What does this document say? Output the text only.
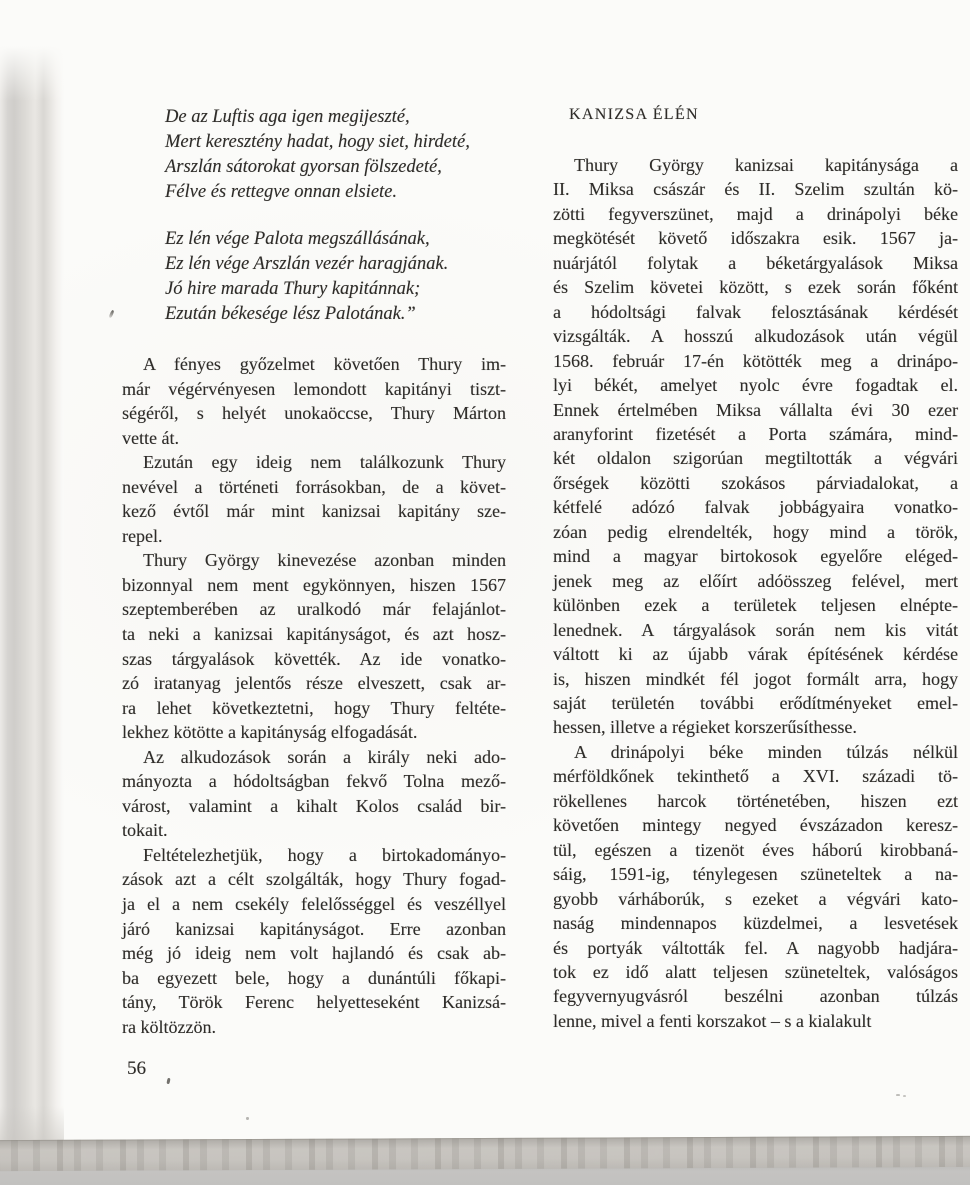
De az Luftis aga igen megijeszté,
Mert keresztény hadat, hogy siet, hirdeté,
Arszlán sátorokat gyorsan fölszedeté,
Félve és rettegve onnan elsiete.
Ez lén vége Palota megszállásának,
Ez lén vége Arszlán vezér haragjának.
Jó hire marada Thury kapitánnak;
Ezután békesége lész Palotának.”
A fényes győzelmet követően Thury im-
már végérvényesen lemondott kapitányi tiszt-
ségéről, s helyét unokaöccse, Thury Márton
vette át.
Ezután egy ideig nem találkozunk Thury
nevével a történeti forrásokban, de a követ-
kező évtől már mint kanizsai kapitány sze-
repel.
Thury György kinevezése azonban minden
bizonnyal nem ment egykönnyen, hiszen 1567
szeptemberében az uralkodó már felajánlot-
ta neki a kanizsai kapitányságot, és azt hosz-
szas tárgyalások követték. Az ide vonatko-
zó iratanyag jelentős része elveszett, csak ar-
ra lehet következtetni, hogy Thury feltéte-
lekhez kötötte a kapitányság elfogadását.
Az alkudozások során a király neki ado-
mányozta a hódoltságban fekvő Tolna mező-
várost, valamint a kihalt Kolos család bir-
tokait.
Feltételezhetjük, hogy a birtokadományo-
zások azt a célt szolgálták, hogy Thury fogad-
ja el a nem csekély felelősséggel és veszéllyel
járó kanizsai kapitányságot. Erre azonban
még jó ideig nem volt hajlandó és csak ab-
ba egyezett bele, hogy a dunántúli főkapi-
tány, Török Ferenc helyetteseként Kanizsá-
ra költözzön.
KANIZSA ÉLÉN
Thury György kanizsai kapitánysága a
II. Miksa császár és II. Szelim szultán kö-
zötti fegyverszünet, majd a drinápolyi béke
megkötését követő időszakra esik. 1567 ja-
nuárjától folytak a béketárgyalások Miksa
és Szelim követei között, s ezek során főként
a hódoltsági falvak felosztásának kérdését
vizsgálták. A hosszú alkudozások után végül
1568. február 17-én kötötték meg a drinápo-
lyi békét, amelyet nyolc évre fogadtak el.
Ennek értelmében Miksa vállalta évi 30 ezer
aranyforint fizetését a Porta számára, mind-
két oldalon szigorúan megtiltották a végvári
őrségek közötti szokásos párviadalokat, a
kétfelé adózó falvak jobbágyaira vonatko-
zóan pedig elrendelték, hogy mind a török,
mind a magyar birtokosok egyelőre eléged-
jenek meg az előírt adóösszeg felével, mert
különben ezek a területek teljesen elnépte-
lenednek. A tárgyalások során nem kis vitát
váltott ki az újabb várak építésének kérdése
is, hiszen mindkét fél jogot formált arra, hogy
saját területén további erődítményeket emel-
hessen, illetve a régieket korszerűsíthesse.
A drinápolyi béke minden túlzás nélkül
mérföldkőnek tekinthető a XVI. századi tö-
rökellenes harcok történetében, hiszen ezt
követően mintegy negyed évszázadon keresz-
tül, egészen a tizenöt éves háború kirobbaná-
sáig, 1591-ig, ténylegesen szüneteltek a na-
gyobb várháborúk, s ezeket a végvári kato-
naság mindennapos küzdelmei, a lesvetések
és portyák váltották fel. A nagyobb hadjára-
tok ez idő alatt teljesen szüneteltek, valóságos
fegyvernyugvásról beszélni azonban túlzás
lenne, mivel a fenti korszakot – s a kialakult
56
